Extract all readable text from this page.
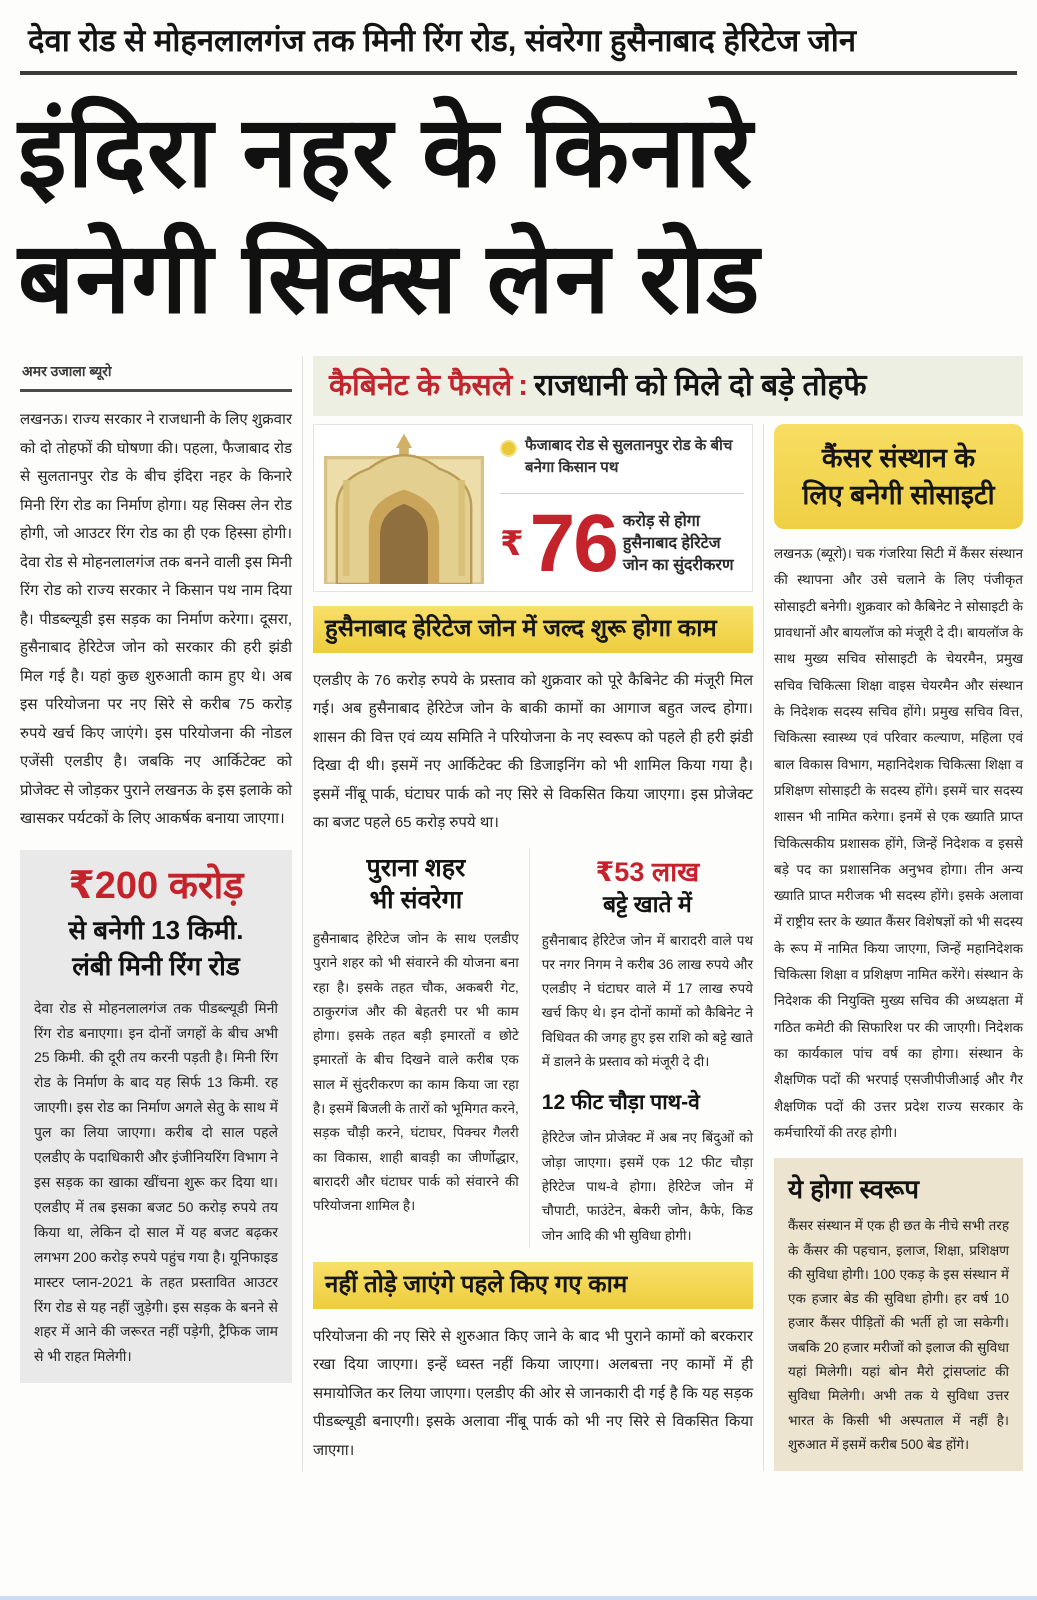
देवा रोड से मोहनलालगंज तक मिनी रिंग रोड, संवरेगा हुसैनाबाद हेरिटेज जोन
इंदिरा नहर के किनारे
बनेगी सिक्स लेन रोड
अमर उजाला ब्यूरो

लखनऊ। राज्य सरकार ने राजधानी के लिए शुक्रवार को दो तोहफों की घोषणा की। पहला, फैजाबाद रोड से सुलतानपुर रोड के बीच इंदिरा नहर के किनारे मिनी रिंग रोड का निर्माण होगा। यह सिक्स लेन रोड होगी, जो आउटर रिंग रोड का ही एक हिस्सा होगी। देवा रोड से मोहनलालगंज तक बनने वाली इस मिनी रिंग रोड को राज्य सरकार ने किसान पथ नाम दिया है। पीडब्ल्यूडी इस सड़क का निर्माण करेगा। दूसरा, हुसैनाबाद हेरिटेज जोन को सरकार की हरी झंडी मिल गई है। यहां कुछ शुरुआती काम हुए थे। अब इस परियोजना पर नए सिरे से करीब 75 करोड़ रुपये खर्च किए जाएंगे। इस परियोजना की नोडल एजेंसी एलडीए है। जबकि नए आर्किटेक्ट को प्रोजेक्ट से जोड़कर पुराने लखनऊ के इस इलाके को खासकर पर्यटकों के लिए आकर्षक बनाया जाएगा।

₹200 करोड़
से बनेगी 13 किमी.
लंबी मिनी रिंग रोड

देवा रोड से मोहनलालगंज तक पीडब्ल्यूडी मिनी रिंग रोड बनाएगा। इन दोनों जगहों के बीच अभी 25 किमी. की दूरी तय करनी पड़ती है। मिनी रिंग रोड के निर्माण के बाद यह सिर्फ 13 किमी. रह जाएगी। इस रोड का निर्माण अगले सेतु के साथ में पुल का लिया जाएगा। करीब दो साल पहले एलडीए के पदाधिकारी और इंजीनियरिंग विभाग ने इस सड़क का खाका खींचना शुरू कर दिया था। एलडीए में तब इसका बजट 50 करोड़ रुपये तय किया था, लेकिन दो साल में यह बजट बढ़कर लगभग 200 करोड़ रुपये पहुंच गया है। यूनिफाइड मास्टर प्लान-2021 के तहत प्रस्तावित आउटर रिंग रोड से यह नहीं जुड़ेगी। इस सड़क के बनने से शहर में आने की जरूरत नहीं पड़ेगी, ट्रैफिक जाम से भी राहत मिलेगी।

कैबिनेट के फैसले : राजधानी को मिले दो बड़े तोहफे
फैजाबाद रोड से सुलतानपुर रोड के बीच बनेगा किसान पथ
₹ 76 करोड़ से होगा हुसैनाबाद हेरिटेज जोन का सुंदरीकरण
हुसैनाबाद हेरिटेज जोन में जल्द शुरू होगा काम

एलडीए के 76 करोड़ रुपये के प्रस्ताव को शुक्रवार को पूरे कैबिनेट की मंजूरी मिल गई। अब हुसैनाबाद हेरिटेज जोन के बाकी कामों का आगाज बहुत जल्द होगा। शासन की वित्त एवं व्यय समिति ने परियोजना के नए स्वरूप को पहले ही हरी झंडी दिखा दी थी। इसमें नए आर्किटेक्ट की डिजाइनिंग को भी शामिल किया गया है। इसमें नींबू पार्क, घंटाघर पार्क को नए सिरे से विकसित किया जाएगा। इस प्रोजेक्ट का बजट पहले 65 करोड़ रुपये था।

पुराना शहर
भी संवरेगा

हुसैनाबाद हेरिटेज जोन के साथ एलडीए पुराने शहर को भी संवारने की योजना बना रहा है। इसके तहत चौक, अकबरी गेट, ठाकुरगंज और की बेहतरी पर भी काम होगा। इसके तहत बड़ी इमारतों व छोटे इमारतों के बीच दिखने वाले करीब एक साल में सुंदरीकरण का काम किया जा रहा है। इसमें बिजली के तारों को भूमिगत करने, सड़क चौड़ी करने, घंटाघर, पिक्चर गैलरी का विकास, शाही बावड़ी का जीर्णोद्धार, बारादरी और घंटाघर पार्क को संवारने की परियोजना शामिल है।

₹53 लाख
बट्टे खाते में

हुसैनाबाद हेरिटेज जोन में बारादरी वाले पथ पर नगर निगम ने करीब 36 लाख रुपये और एलडीए ने घंटाघर वाले में 17 लाख रुपये खर्च किए थे। इन दोनों कामों को कैबिनेट ने विधिवत की जगह हुए इस राशि को बट्टे खाते में डालने के प्रस्ताव को मंजूरी दे दी।

12 फीट चौड़ा पाथ-वे

हेरिटेज जोन प्रोजेक्ट में अब नए बिंदुओं को जोड़ा जाएगा। इसमें एक 12 फीट चौड़ा हेरिटेज पाथ-वे होगा। हेरिटेज जोन में चौपाटी, फाउंटेन, बेकरी जोन, कैफे, किड जोन आदि की भी सुविधा होगी।

नहीं तोड़े जाएंगे पहले किए गए काम

परियोजना की नए सिरे से शुरुआत किए जाने के बाद भी पुराने कामों को बरकरार रखा दिया जाएगा। इन्हें ध्वस्त नहीं किया जाएगा। अलबत्ता नए कामों में ही समायोजित कर लिया जाएगा। एलडीए की ओर से जानकारी दी गई है कि यह सड़क पीडब्ल्यूडी बनाएगी। इसके अलावा नींबू पार्क को भी नए सिरे से विकसित किया जाएगा।

कैंसर संस्थान के
लिए बनेगी सोसाइटी

लखनऊ (ब्यूरो)। चक गंजरिया सिटी में कैंसर संस्थान की स्थापना और उसे चलाने के लिए पंजीकृत सोसाइटी बनेगी। शुक्रवार को कैबिनेट ने सोसाइटी के प्रावधानों और बायलॉज को मंजूरी दे दी। बायलॉज के साथ मुख्य सचिव सोसाइटी के चेयरमैन, प्रमुख सचिव चिकित्सा शिक्षा वाइस चेयरमैन और संस्थान के निदेशक सदस्य सचिव होंगे। प्रमुख सचिव वित्त, चिकित्सा स्वास्थ्य एवं परिवार कल्याण, महिला एवं बाल विकास विभाग, महानिदेशक चिकित्सा शिक्षा व प्रशिक्षण सोसाइटी के सदस्य होंगे। इसमें चार सदस्य शासन भी नामित करेगा। इनमें से एक ख्याति प्राप्त चिकित्सकीय प्रशासक होंगे, जिन्हें निदेशक व इससे बड़े पद का प्रशासनिक अनुभव होगा। तीन अन्य ख्याति प्राप्त मरीजक भी सदस्य होंगे। इसके अलावा में राष्ट्रीय स्तर के ख्यात कैंसर विशेषज्ञों को भी सदस्य के रूप में नामित किया जाएगा, जिन्हें महानिदेशक चिकित्सा शिक्षा व प्रशिक्षण नामित करेंगे। संस्थान के निदेशक की नियुक्ति मुख्य सचिव की अध्यक्षता में गठित कमेटी की सिफारिश पर की जाएगी। निदेशक का कार्यकाल पांच वर्ष का होगा। संस्थान के शैक्षणिक पदों की भरपाई एसजीपीजीआई और गैर शैक्षणिक पदों की उत्तर प्रदेश राज्य सरकार के कर्मचारियों की तरह होगी।

ये होगा स्वरूप

कैंसर संस्थान में एक ही छत के नीचे सभी तरह के कैंसर की पहचान, इलाज, शिक्षा, प्रशिक्षण की सुविधा होगी। 100 एकड़ के इस संस्थान में एक हजार बेड की सुविधा होगी। हर वर्ष 10 हजार कैंसर पीड़ितों की भर्ती हो जा सकेगी। जबकि 20 हजार मरीजों को इलाज की सुविधा यहां मिलेगी। यहां बोन मैरो ट्रांसप्लांट की सुविधा मिलेगी। अभी तक ये सुविधा उत्तर भारत के किसी भी अस्पताल में नहीं है। शुरुआत में इसमें करीब 500 बेड होंगे।
